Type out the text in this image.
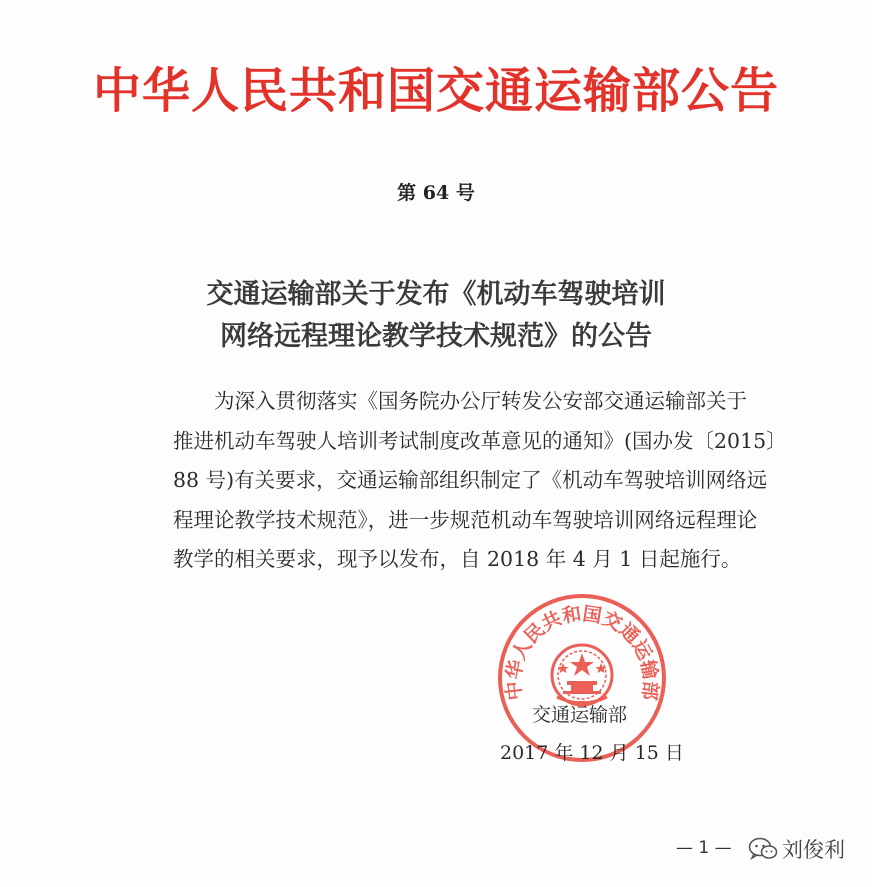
中华人民共和国交通运输部公告
第 64 号
交通运输部关于发布《机动车驾驶培训
网络远程理论教学技术规范》的公告
为深入贯彻落实《国务院办公厅转发公安部交通运输部关于
推进机动车驾驶人培训考试制度改革意见的通知》(国办发〔2015〕
88 号)有关要求，交通运输部组织制定了《机动车驾驶培训网络远
程理论教学技术规范》，进一步规范机动车驾驶培训网络远程理论
教学的相关要求，现予以发布，自 2018 年 4 月 1 日起施行。
中华人民共和国交通运输部
交通运输部
2017 年 12 月 15 日
— 1 — 刘俊利
